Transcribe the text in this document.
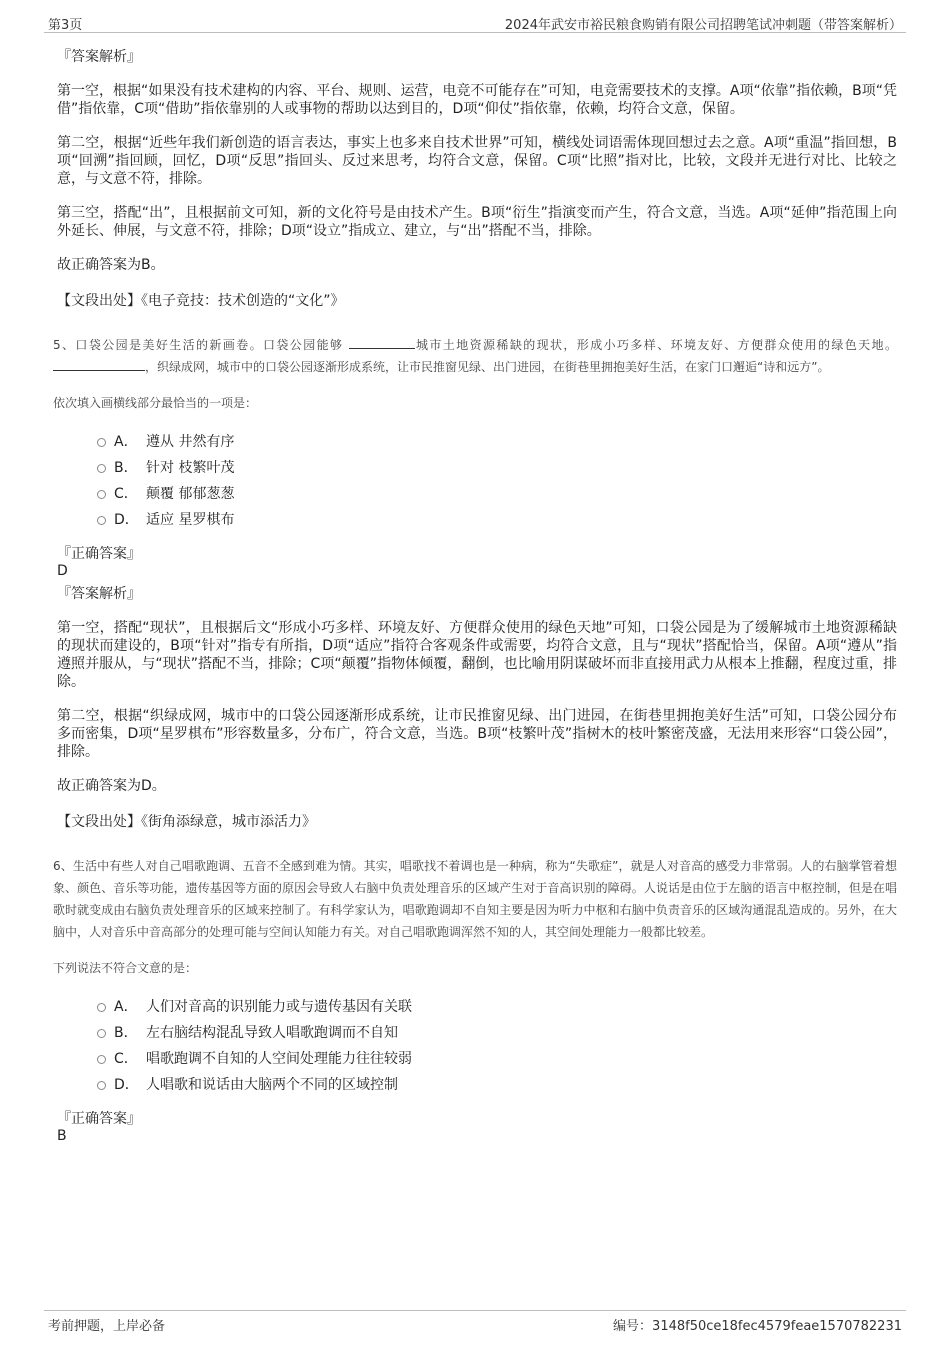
第3页	2024年武安市裕民粮食购销有限公司招聘笔试冲刺题（带答案解析）
『答案解析』

第一空，根据“如果没有技术建构的内容、平台、规则、运营，电竞不可能存在”可知，电竞需要技术的支撑。A项“依靠”指依赖，B项“凭借”指依靠，C项“借助”指依靠别的人或事物的帮助以达到目的，D项“仰仗”指依靠，依赖，均符合文意，保留。

第二空，根据“近些年我们新创造的语言表达，事实上也多来自技术世界”可知，横线处词语需体现回想过去之意。A项“重温”指回想，B项“回溯”指回顾，回忆，D项“反思”指回头、反过来思考，均符合文意，保留。C项“比照”指对比，比较，文段并无进行对比、比较之意，与文意不符，排除。

第三空，搭配“出”，且根据前文可知，新的文化符号是由技术产生。B项“衍生”指演变而产生，符合文意，当选。A项“延伸”指范围上向外延长、伸展，与文意不符，排除；D项“设立”指成立、建立，与“出”搭配不当，排除。

故正确答案为B。

【文段出处】《电子竞技：技术创造的“文化”》
5、口袋公园是美好生活的新画卷。口袋公园能够	城市土地资源稀缺的现状，形成小巧多样、环境友好、方便群众使用的绿色天地。 ，织绿成网，城市中的口袋公园逐渐形成系统，让市民推窗见绿、出门进园，在街巷里拥抱美好生活，在家门口邂逅“诗和远方”。
依次填入画横线部分最恰当的一项是：
A． 遵从 井然有序
B． 针对 枝繁叶茂
C． 颠覆 郁郁葱葱
D． 适应 星罗棋布
『正确答案』
D
『答案解析』

第一空，搭配“现状”，且根据后文“形成小巧多样、环境友好、方便群众使用的绿色天地”可知，口袋公园是为了缓解城市土地资源稀缺的现状而建设的，B项“针对”指专有所指，D项“适应”指符合客观条件或需要，均符合文意，且与“现状”搭配恰当，保留。A项“遵从”指遵照并服从，与“现状”搭配不当，排除；C项“颠覆”指物体倾覆，翻倒，也比喻用阴谋破坏而非直接用武力从根本上推翻，程度过重，排除。

第二空，根据“织绿成网，城市中的口袋公园逐渐形成系统，让市民推窗见绿、出门进园，在街巷里拥抱美好生活”可知，口袋公园分布多而密集，D项“星罗棋布”形容数量多，分布广，符合文意，当选。B项“枝繁叶茂”指树木的枝叶繁密茂盛，无法用来形容“口袋公园”，排除。

故正确答案为D。

【文段出处】《街角添绿意，城市添活力》
6、生活中有些人对自己唱歌跑调、五音不全感到难为情。其实，唱歌找不着调也是一种病，称为“失歌症”，就是人对音高的感受力非常弱。人的右脑掌管着想象、颜色、音乐等功能，遗传基因等方面的原因会导致人右脑中负责处理音乐的区域产生对于音高识别的障碍。人说话是由位于左脑的语言中枢控制，但是在唱歌时就变成由右脑负责处理音乐的区域来控制了。有科学家认为，唱歌跑调却不自知主要是因为听力中枢和右脑中负责音乐的区域沟通混乱造成的。另外，在大脑中，人对音乐中音高部分的处理可能与空间认知能力有关。对自己唱歌跑调浑然不知的人，其空间处理能力一般都比较差。
下列说法不符合文意的是：
A． 人们对音高的识别能力或与遗传基因有关联
B． 左右脑结构混乱导致人唱歌跑调而不自知
C． 唱歌跑调不自知的人空间处理能力往往较弱
D． 人唱歌和说话由大脑两个不同的区域控制
『正确答案』
B
考前押题，上岸必备	编号：3148f50ce18fec4579feae1570782231
